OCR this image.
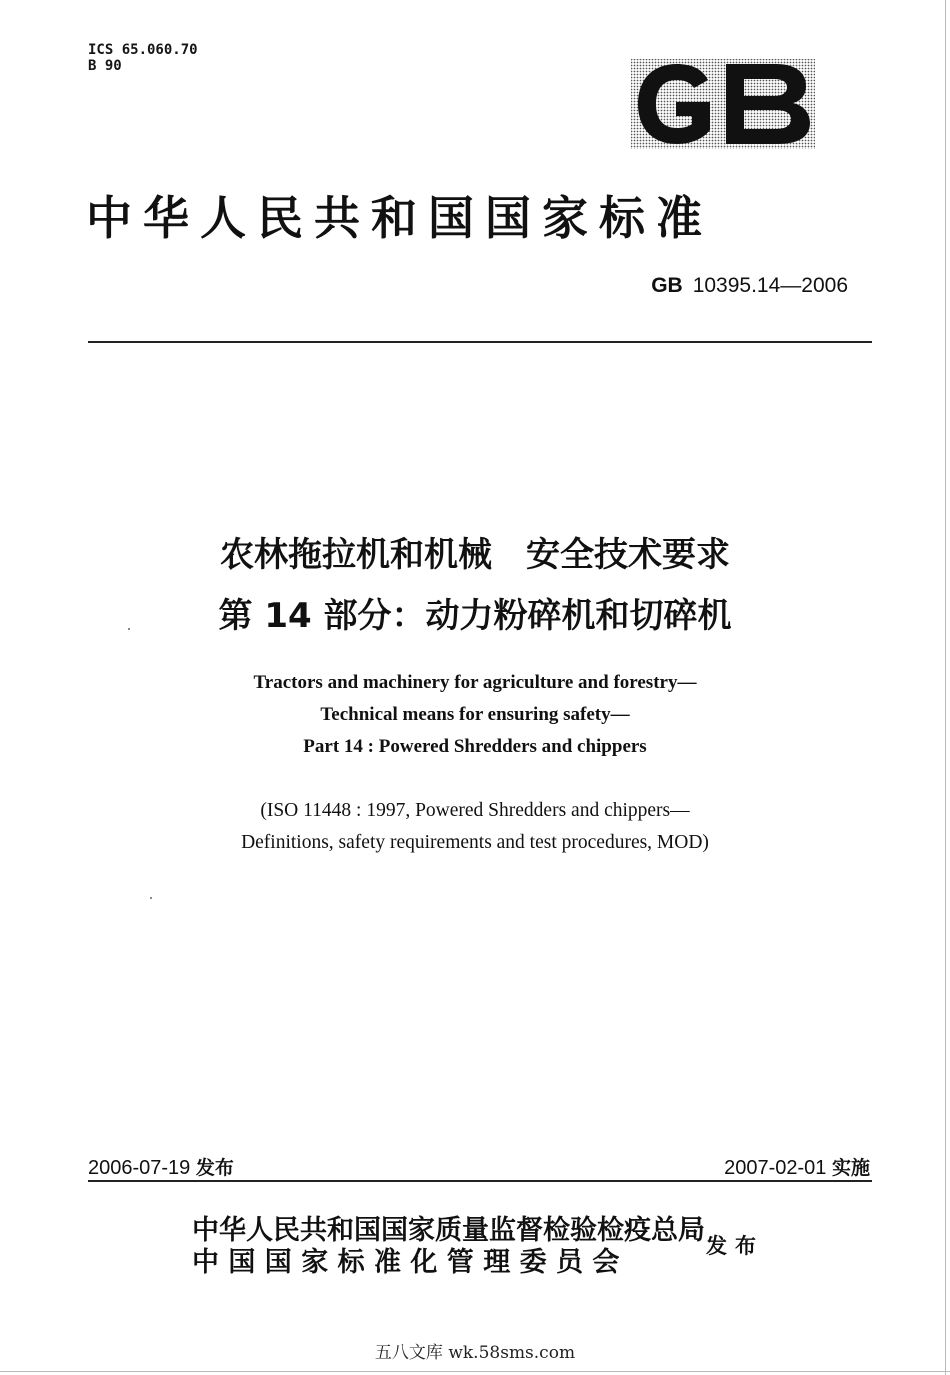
ICS 65.060.70
B 90
中华人民共和国国家标准
GB 10395.14—2006
农林拖拉机和机械　安全技术要求
第 14 部分：动力粉碎机和切碎机
Tractors and machinery for agriculture and forestry—
Technical means for ensuring safety—
Part 14 : Powered Shredders and chippers
(ISO 11448 : 1997, Powered Shredders and chippers—
Definitions, safety requirements and test procedures, MOD)
2006-07-19 发布	2007-02-01 实施
中华人民共和国国家质量监督检验检疫总局
中 国 国 家 标 准 化 管 理 委 员 会
发布
五八文库 wk.58sms.com
